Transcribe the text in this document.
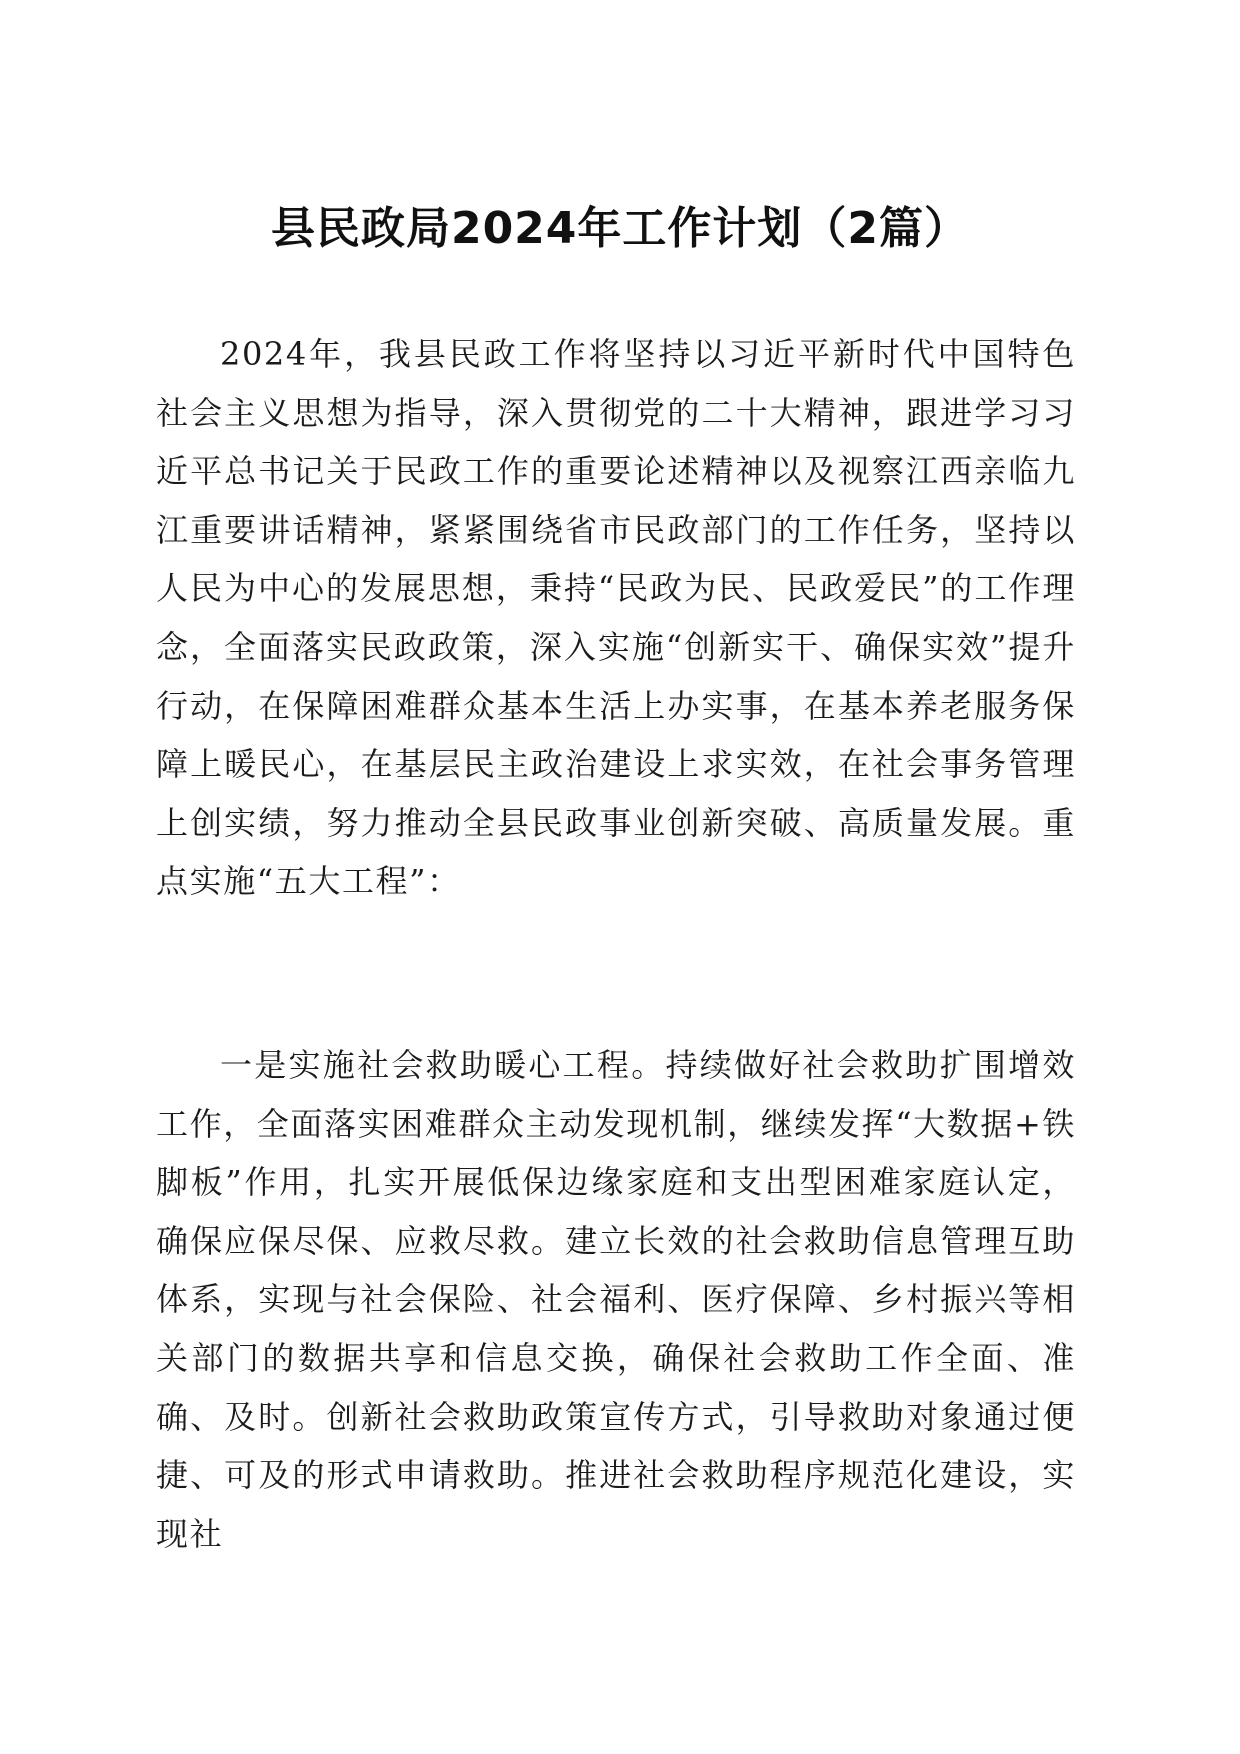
县民政局2024年工作计划（2篇）

2024年，我县民政工作将坚持以习近平新时代中国特色社会主义思想为指导，深入贯彻党的二十大精神，跟进学习习近平总书记关于民政工作的重要论述精神以及视察江西亲临九江重要讲话精神，紧紧围绕省市民政部门的工作任务，坚持以人民为中心的发展思想，秉持“民政为民、民政爱民”的工作理念，全面落实民政政策，深入实施“创新实干、确保实效”提升行动，在保障困难群众基本生活上办实事，在基本养老服务保障上暖民心，在基层民主政治建设上求实效，在社会事务管理上创实绩，努力推动全县民政事业创新突破、高质量发展。重点实施“五大工程”：

一是实施社会救助暖心工程。持续做好社会救助扩围增效工作，全面落实困难群众主动发现机制，继续发挥“大数据+铁脚板”作用，扎实开展低保边缘家庭和支出型困难家庭认定，确保应保尽保、应救尽救。建立长效的社会救助信息管理互助体系，实现与社会保险、社会福利、医疗保障、乡村振兴等相关部门的数据共享和信息交换，确保社会救助工作全面、准确、及时。创新社会救助政策宣传方式，引导救助对象通过便捷、可及的形式申请救助。推进社会救助程序规范化建设，实现社
